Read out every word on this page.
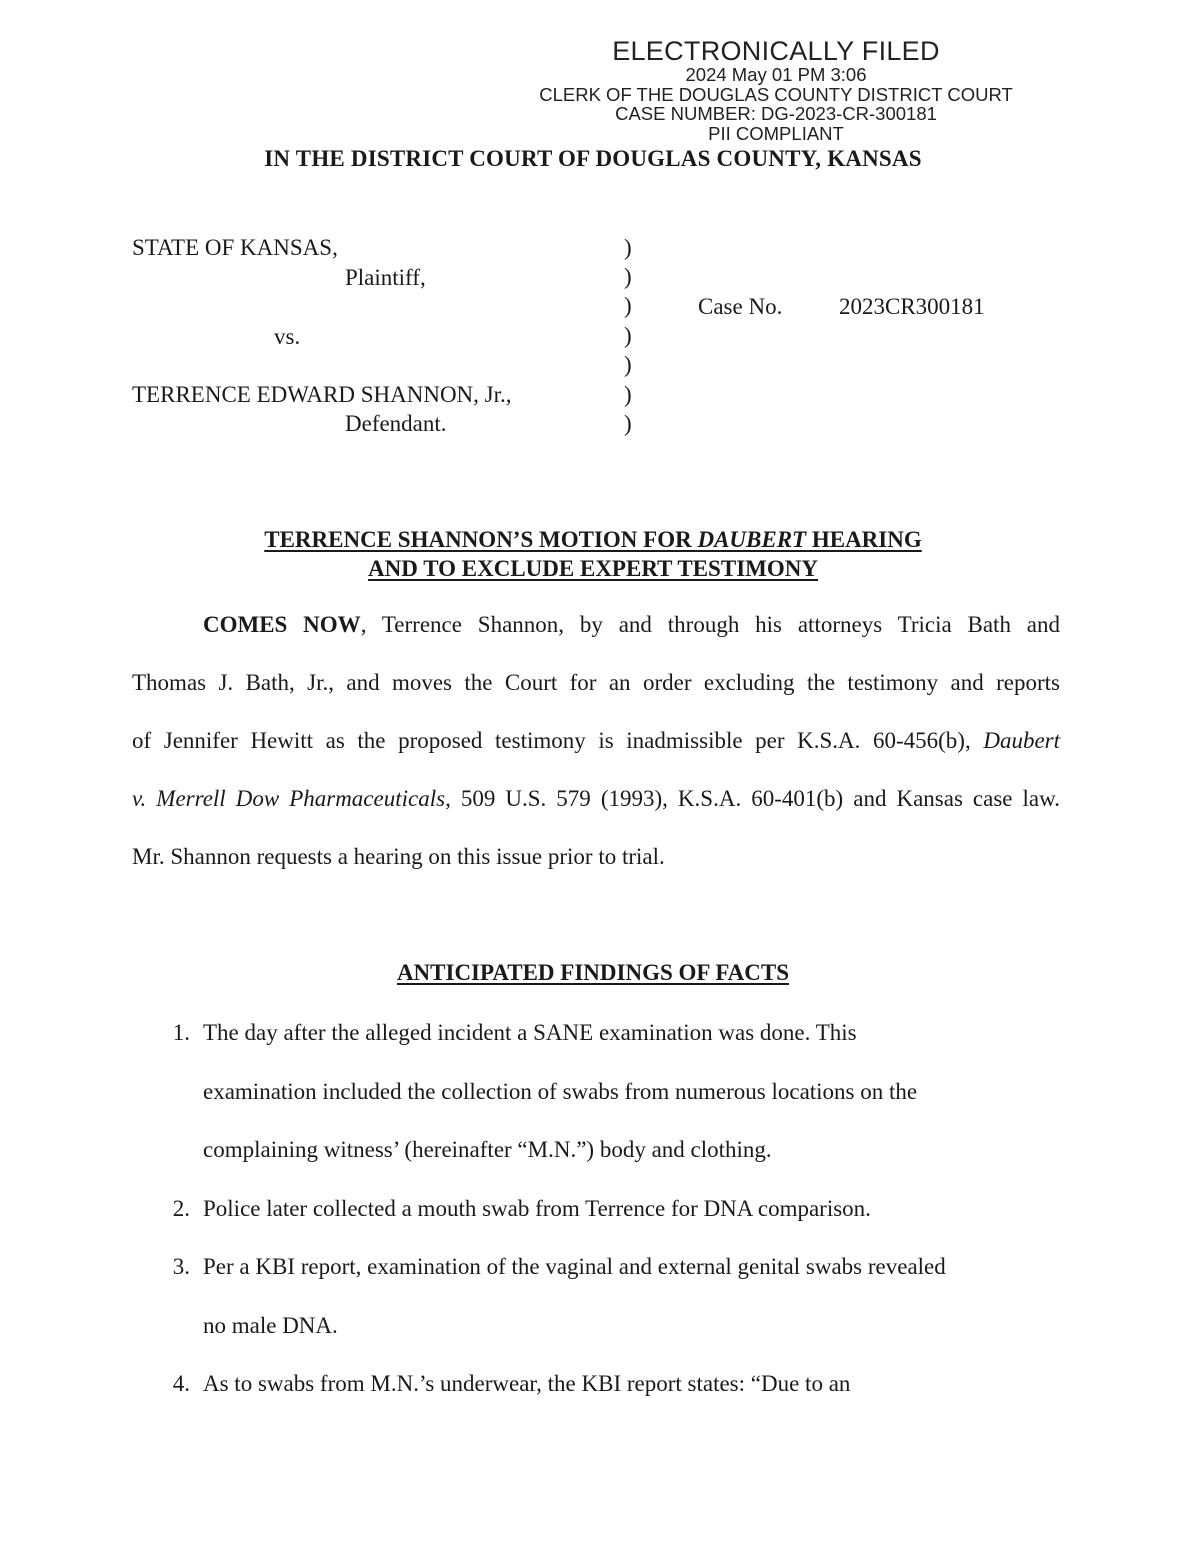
ELECTRONICALLY FILED
2024 May 01 PM 3:06
CLERK OF THE DOUGLAS COUNTY DISTRICT COURT
CASE NUMBER: DG-2023-CR-300181
PII COMPLIANT
IN THE DISTRICT COURT OF DOUGLAS COUNTY, KANSAS
STATE OF KANSAS,
Plaintiff,
vs.
TERRENCE EDWARD SHANNON, Jr.,
Defendant.
)
)
)
)
)
)
)
Case No. 2023CR300181
TERRENCE SHANNON’S MOTION FOR DAUBERT HEARING
AND TO EXCLUDE EXPERT TESTIMONY
COMES NOW, Terrence Shannon, by and through his attorneys Tricia Bath and
Thomas J. Bath, Jr., and moves the Court for an order excluding the testimony and reports
of Jennifer Hewitt as the proposed testimony is inadmissible per K.S.A. 60-456(b), Daubert
v. Merrell Dow Pharmaceuticals, 509 U.S. 579 (1993), K.S.A. 60-401(b) and Kansas case law.
Mr. Shannon requests a hearing on this issue prior to trial.
ANTICIPATED FINDINGS OF FACTS
1. The day after the alleged incident a SANE examination was done. This
examination included the collection of swabs from numerous locations on the
complaining witness’ (hereinafter “M.N.”) body and clothing.
2. Police later collected a mouth swab from Terrence for DNA comparison.
3. Per a KBI report, examination of the vaginal and external genital swabs revealed
no male DNA.
4. As to swabs from M.N.’s underwear, the KBI report states: “Due to an
